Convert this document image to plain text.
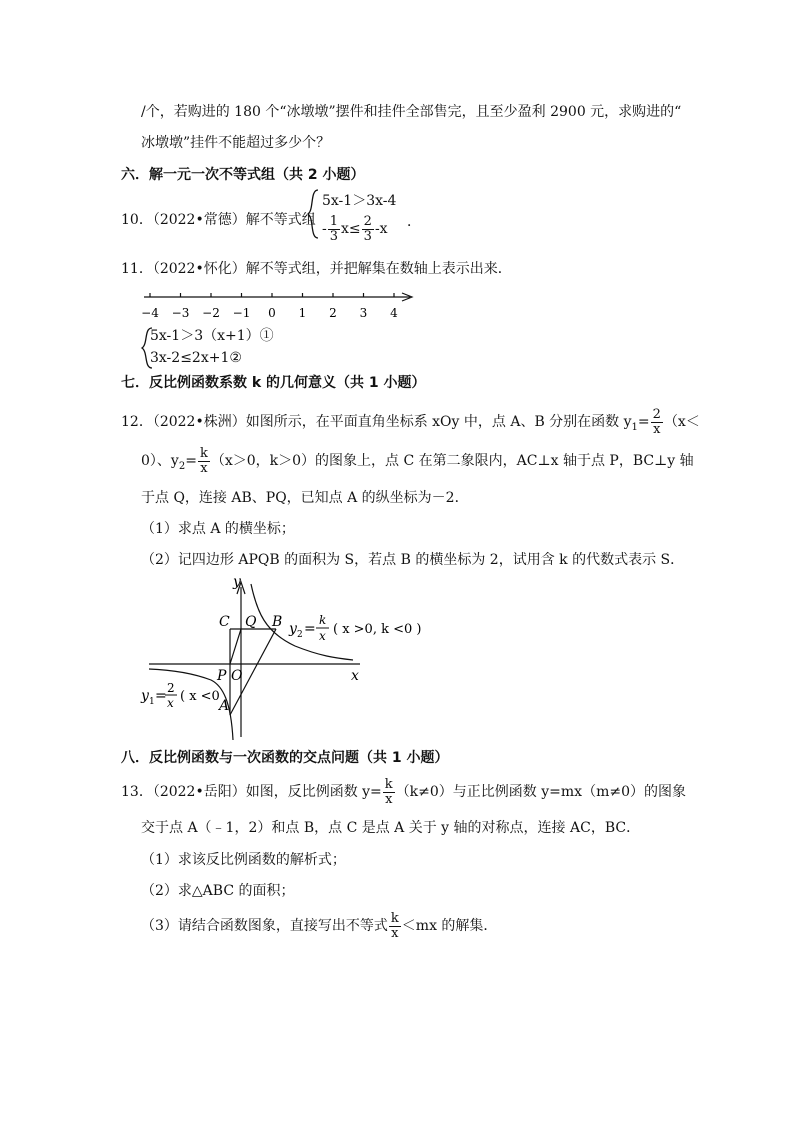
/个，若购进的 180 个“冰墩墩”摆件和挂件全部售完，且至少盈利 2900 元，求购进的“
冰墩墩”挂件不能超过多少个？
六．解一元一次不等式组（共 2 小题）
10．（2022•常德）解不等式组
5x-1＞3x-4
- $\frac{1}{3} x\le \frac{2}{3} -x$ ．
11．（2022•怀化）解不等式组，并把解集在数轴上表示出来．
−4 −3 −2 −1 0 1 2 3 4
5x-1＞3（x+1）①
3x-2≤2x+1②
七．反比例函数系数 k 的几何意义（共 1 小题）
12．（2022•株洲）如图所示，在平面直角坐标系 xOy 中，点 A、B 分别在函数 $y_1= \frac{2}{x} (x<$
0）、$y_2= \frac{k}{x} (x>0$，k＞0）的图象上，点 C 在第二象限内，AC⊥x 轴于点 P，BC⊥y 轴
于点 Q，连接 AB、PQ，已知点 A 的纵坐标为－2．
（1）求点 A 的横坐标；
（2）记四边形 APQB 的面积为 S，若点 B 的横坐标为 2，试用含 k 的代数式表示 S．
y
x
C Q B
P O
A
y 2 =
k
x ( x >0, k <0 )
y 1 = 2
x ( x <0
八．反比例函数与一次函数的交点问题（共 1 小题）
13．（2022•岳阳）如图，反比例函数 $y= \frac{k}{x} (k\ne 0)$与正比例函数 y=mx（m≠0）的图象
交于点 A（﹣1，2）和点 B，点 C 是点 A 关于 y 轴的对称点，连接 AC，BC．
（1）求该反比例函数的解析式；
（2）求△ABC 的面积；
（3）请结合函数图象，直接写出不等式 $\frac{k}{x} <mx$ 的解集．
